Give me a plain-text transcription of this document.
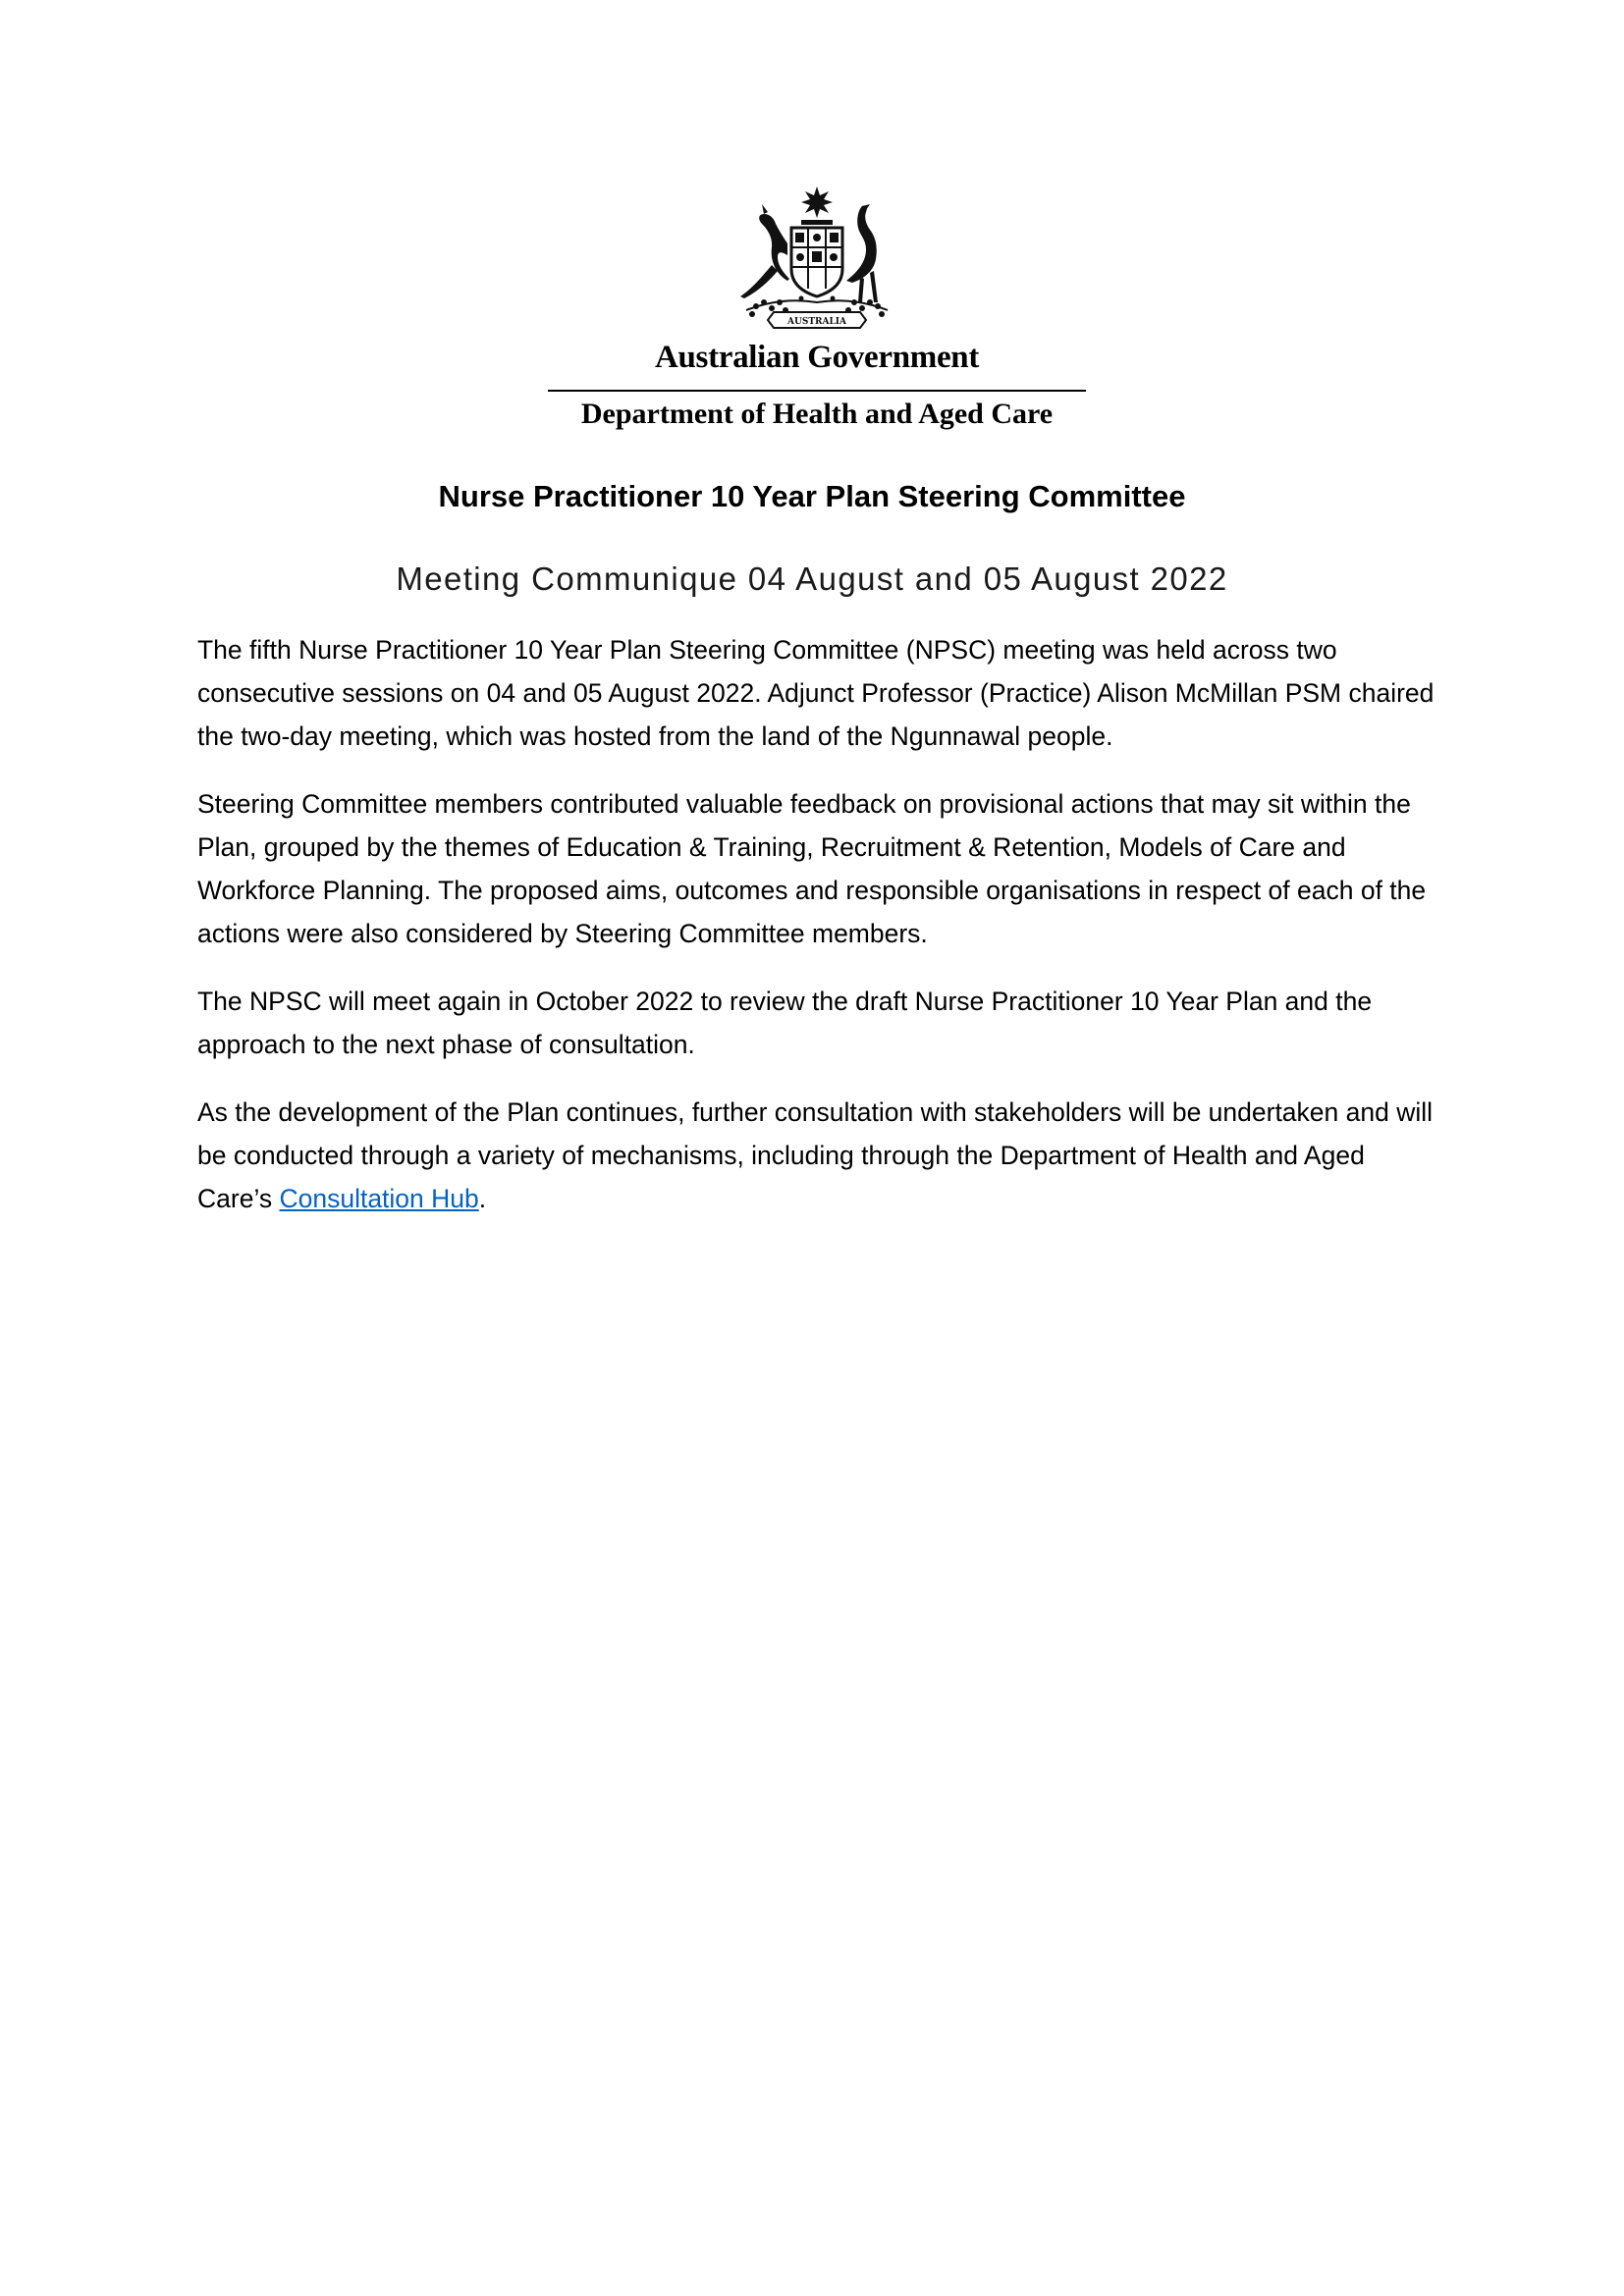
AUSTRALIA
Australian Government
Department of Health and Aged Care
Nurse Practitioner 10 Year Plan Steering Committee
Meeting Communique 04 August and 05 August 2022

The fifth Nurse Practitioner 10 Year Plan Steering Committee (NPSC) meeting was held across two consecutive sessions on 04 and 05 August 2022. Adjunct Professor (Practice) Alison McMillan PSM chaired the two-day meeting, which was hosted from the land of the Ngunnawal people.

Steering Committee members contributed valuable feedback on provisional actions that may sit within the Plan, grouped by the themes of Education & Training, Recruitment & Retention, Models of Care and Workforce Planning. The proposed aims, outcomes and responsible organisations in respect of each of the actions were also considered by Steering Committee members.

The NPSC will meet again in October 2022 to review the draft Nurse Practitioner 10 Year Plan and the approach to the next phase of consultation.

As the development of the Plan continues, further consultation with stakeholders will be undertaken and will be conducted through a variety of mechanisms, including through the Department of Health and Aged Care’s Consultation Hub.
